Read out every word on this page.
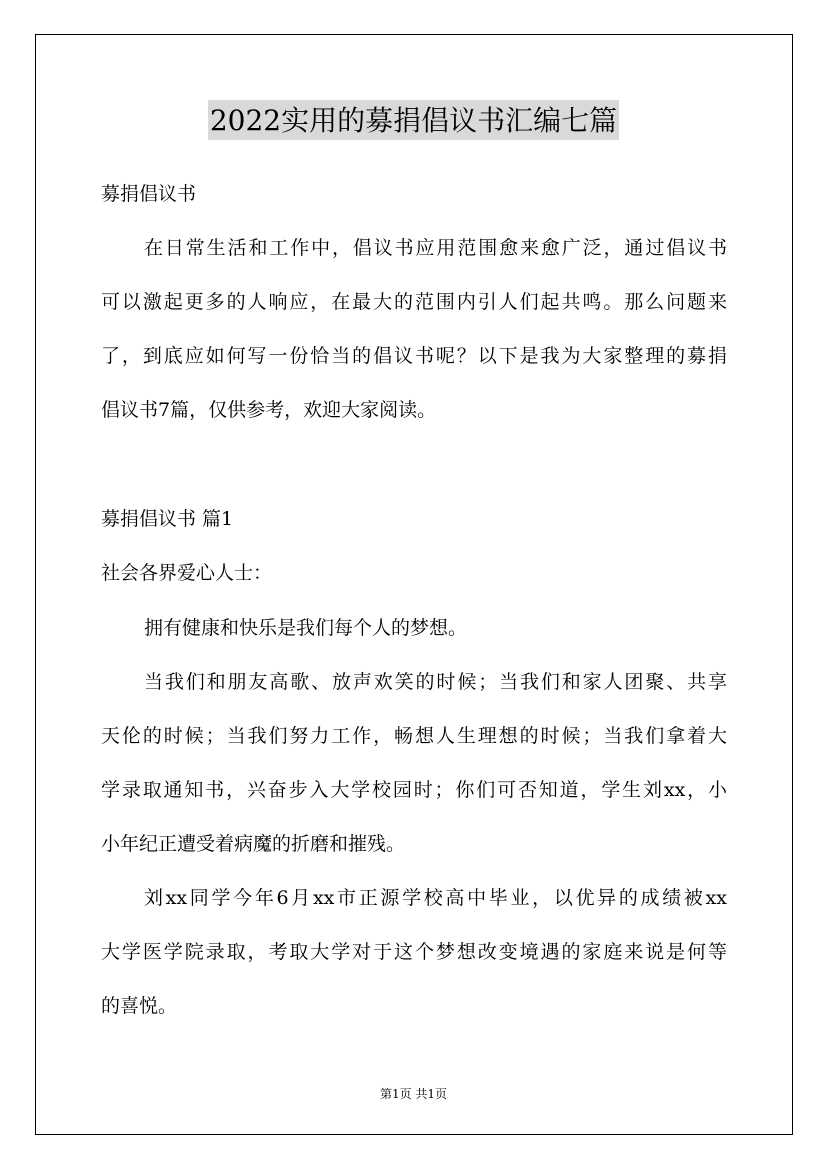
2022实用的募捐倡议书汇编七篇
募捐倡议书
在日常生活和工作中，倡议书应用范围愈来愈广泛，通过倡议书
可以激起更多的人响应，在最大的范围内引人们起共鸣。那么问题来
了，到底应如何写一份恰当的倡议书呢？以下是我为大家整理的募捐
倡议书7篇，仅供参考，欢迎大家阅读。
募捐倡议书 篇1
社会各界爱心人士：
拥有健康和快乐是我们每个人的梦想。
当我们和朋友高歌、放声欢笑的时候；当我们和家人团聚、共享
天伦的时候；当我们努力工作，畅想人生理想的时候；当我们拿着大
学录取通知书，兴奋步入大学校园时；你们可否知道，学生刘xx，小
小年纪正遭受着病魔的折磨和摧残。
刘xx同学今年6月xx市正源学校高中毕业，以优异的成绩被xx
大学医学院录取，考取大学对于这个梦想改变境遇的家庭来说是何等
的喜悦。
第1页 共1页
